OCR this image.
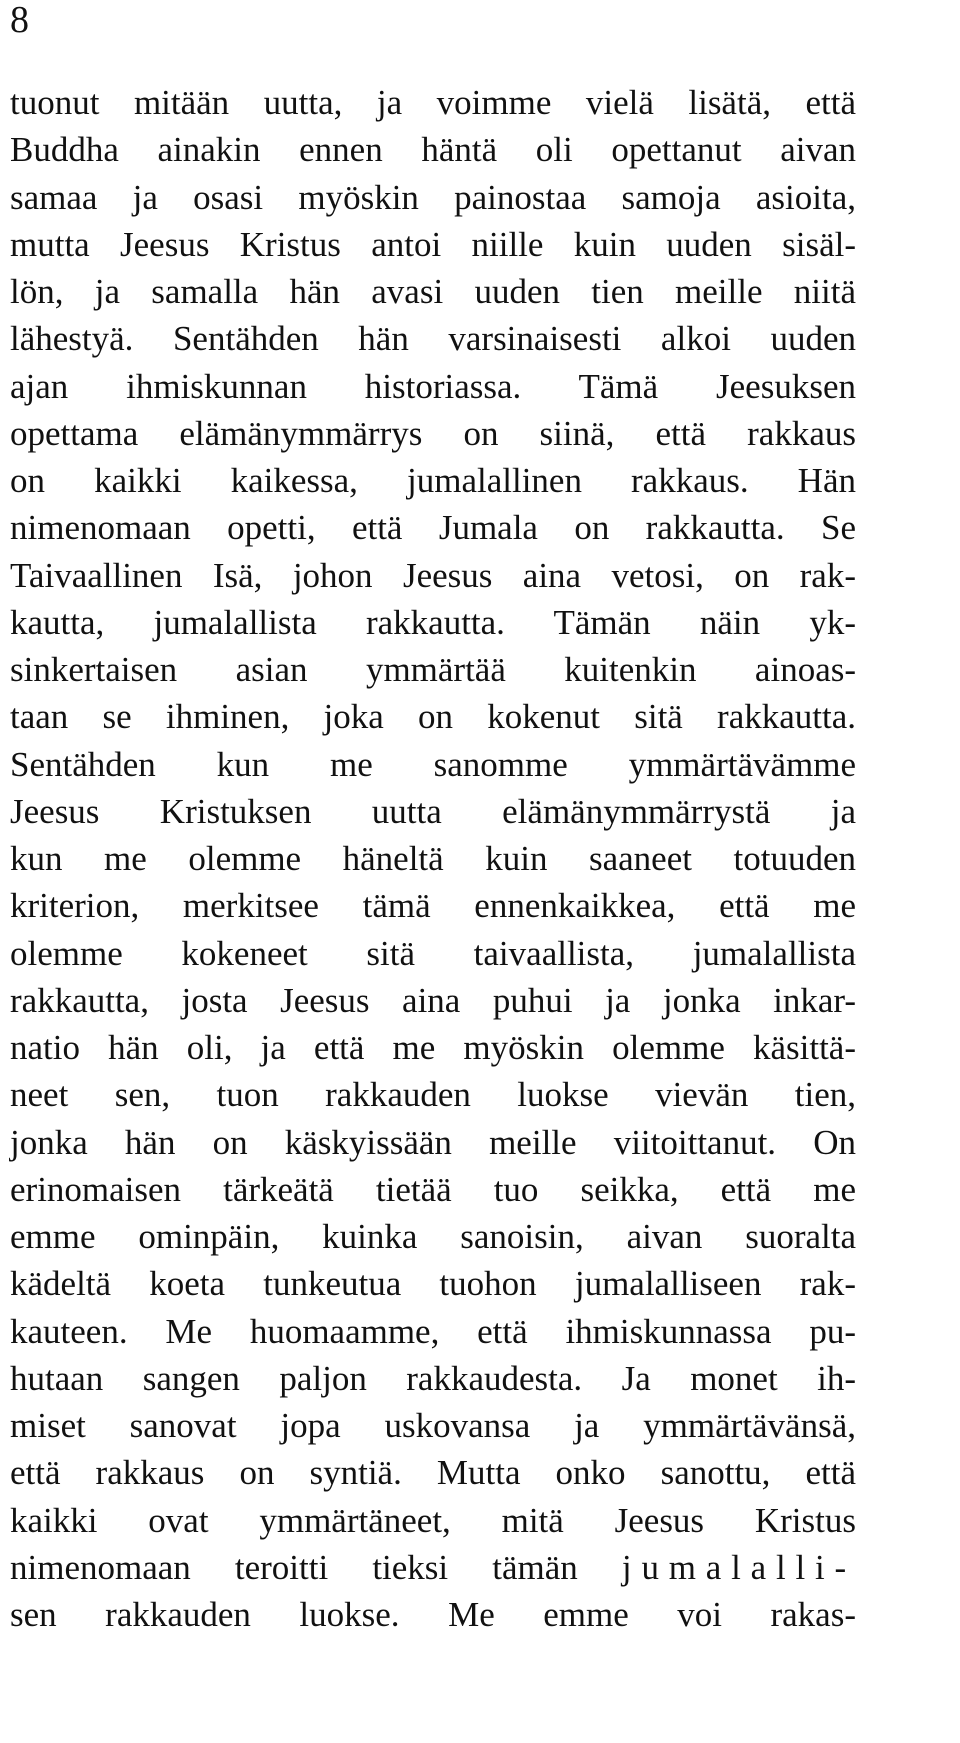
8
tuonut mitään uutta, ja voimme vielä lisätä, että
Buddha ainakin ennen häntä oli opettanut aivan
samaa ja osasi myöskin painostaa samoja asioita,
mutta Jeesus Kristus antoi niille kuin uuden sisäl-
lön, ja samalla hän avasi uuden tien meille niitä
lähestyä. Sentähden hän varsinaisesti alkoi uuden
ajan ihmiskunnan historiassa. Tämä Jeesuksen
opettama elämänymmärrys on siinä, että rakkaus
on kaikki kaikessa, jumalallinen rakkaus. Hän
nimenomaan opetti, että Jumala on rakkautta. Se
Taivaallinen Isä, johon Jeesus aina vetosi, on rak-
kautta, jumalallista rakkautta. Tämän näin yk-
sinkertaisen asian ymmärtää kuitenkin ainoas-
taan se ihminen, joka on kokenut sitä rakkautta.
Sentähden kun me sanomme ymmärtävämme
Jeesus Kristuksen uutta elämänymmärrystä ja
kun me olemme häneltä kuin saaneet totuuden
kriterion, merkitsee tämä ennenkaikkea, että me
olemme kokeneet sitä taivaallista, jumalallista
rakkautta, josta Jeesus aina puhui ja jonka inkar-
natio hän oli, ja että me myöskin olemme käsittä-
neet sen, tuon rakkauden luokse vievän tien,
jonka hän on käskyissään meille viitoittanut. On
erinomaisen tärkeätä tietää tuo seikka, että me
emme ominpäin, kuinka sanoisin, aivan suoralta
kädeltä koeta tunkeutua tuohon jumalalliseen rak-
kauteen. Me huomaamme, että ihmiskunnassa pu-
hutaan sangen paljon rakkaudesta. Ja monet ih-
miset sanovat jopa uskovansa ja ymmärtävänsä,
että rakkaus on syntiä. Mutta onko sanottu, että
kaikki ovat ymmärtäneet, mitä Jeesus Kristus
nimenomaan teroitti tieksi tämän jumalalli-
sen rakkauden luokse. Me emme voi rakas-
